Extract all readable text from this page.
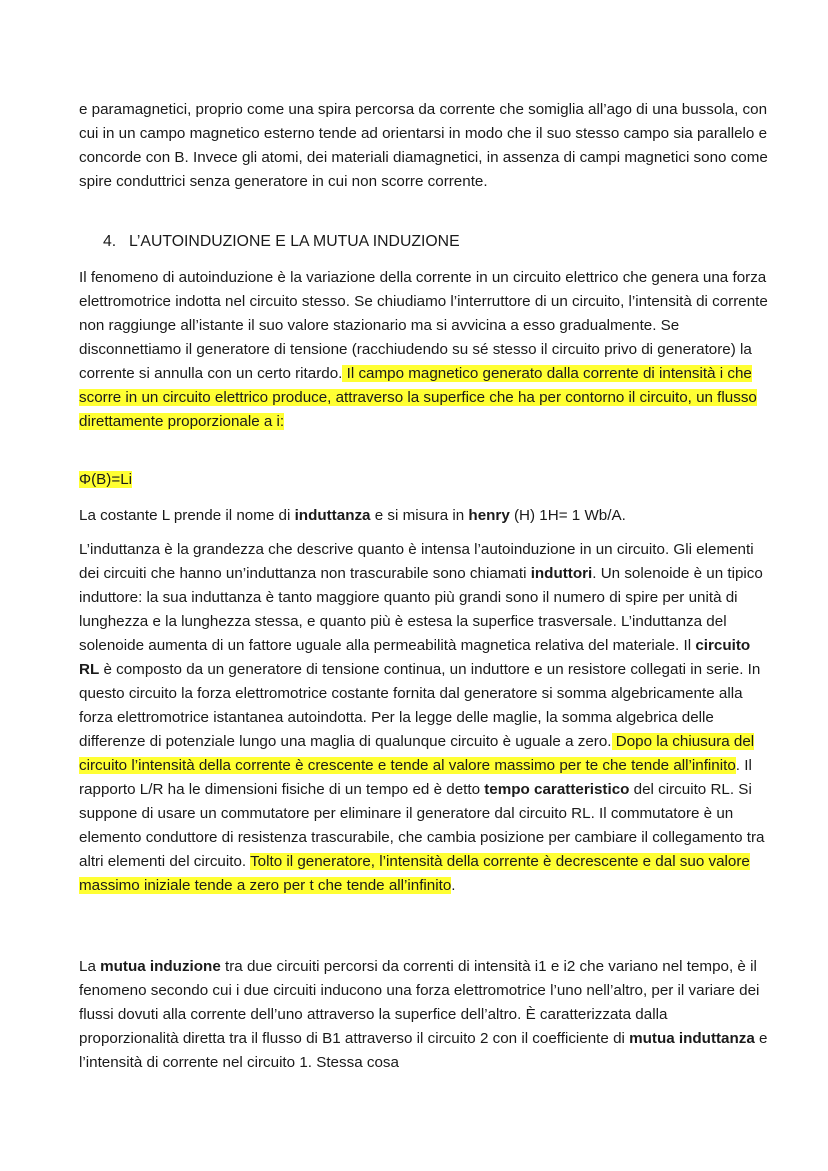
e paramagnetici, proprio come una spira percorsa da corrente che somiglia all’ago di una bussola, con cui in un campo magnetico esterno tende ad orientarsi in modo che il suo stesso campo sia parallelo e concorde con B. Invece gli atomi, dei materiali diamagnetici, in assenza di campi magnetici sono come spire conduttrici senza generatore in cui non scorre corrente.

4. L’AUTOINDUZIONE E LA MUTUA INDUZIONE

Il fenomeno di autoinduzione è la variazione della corrente in un circuito elettrico che genera una forza elettromotrice indotta nel circuito stesso. Se chiudiamo l’interruttore di un circuito, l’intensità di corrente non raggiunge all’istante il suo valore stazionario ma si avvicina a esso gradualmente. Se disconnettiamo il generatore di tensione (racchiudendo su sé stesso il circuito privo di generatore) la corrente si annulla con un certo ritardo. Il campo magnetico generato dalla corrente di intensità i che scorre in un circuito elettrico produce, attraverso la superfice che ha per contorno il circuito, un flusso direttamente proporzionale a i:

Φ(B)=Li

La costante L prende il nome di induttanza e si misura in henry (H) 1H= 1 Wb/A.

L’induttanza è la grandezza che descrive quanto è intensa l’autoinduzione in un circuito. Gli elementi dei circuiti che hanno un’induttanza non trascurabile sono chiamati induttori. Un solenoide è un tipico induttore: la sua induttanza è tanto maggiore quanto più grandi sono il numero di spire per unità di lunghezza e la lunghezza stessa, e quanto più è estesa la superfice trasversale. L’induttanza del solenoide aumenta di un fattore uguale alla permeabilità magnetica relativa del materiale. Il circuito RL è composto da un generatore di tensione continua, un induttore e un resistore collegati in serie. In questo circuito la forza elettromotrice costante fornita dal generatore si somma algebricamente alla forza elettromotrice istantanea autoindotta. Per la legge delle maglie, la somma algebrica delle differenze di potenziale lungo una maglia di qualunque circuito è uguale a zero. Dopo la chiusura del circuito l’intensità della corrente è crescente e tende al valore massimo per te che tende all’infinito. Il rapporto L/R ha le dimensioni fisiche di un tempo ed è detto tempo caratteristico del circuito RL. Si suppone di usare un commutatore per eliminare il generatore dal circuito RL. Il commutatore è un elemento conduttore di resistenza trascurabile, che cambia posizione per cambiare il collegamento tra altri elementi del circuito. Tolto il generatore, l’intensità della corrente è decrescente e dal suo valore massimo iniziale tende a zero per t che tende all’infinito.

La mutua induzione tra due circuiti percorsi da correnti di intensità i1 e i2 che variano nel tempo, è il fenomeno secondo cui i due circuiti inducono una forza elettromotrice l’uno nell’altro, per il variare dei flussi dovuti alla corrente dell’uno attraverso la superfice dell’altro. È caratterizzata dalla proporzionalità diretta tra il flusso di B1 attraverso il circuito 2 con il coefficiente di mutua induttanza e l’intensità di corrente nel circuito 1. Stessa cosa
